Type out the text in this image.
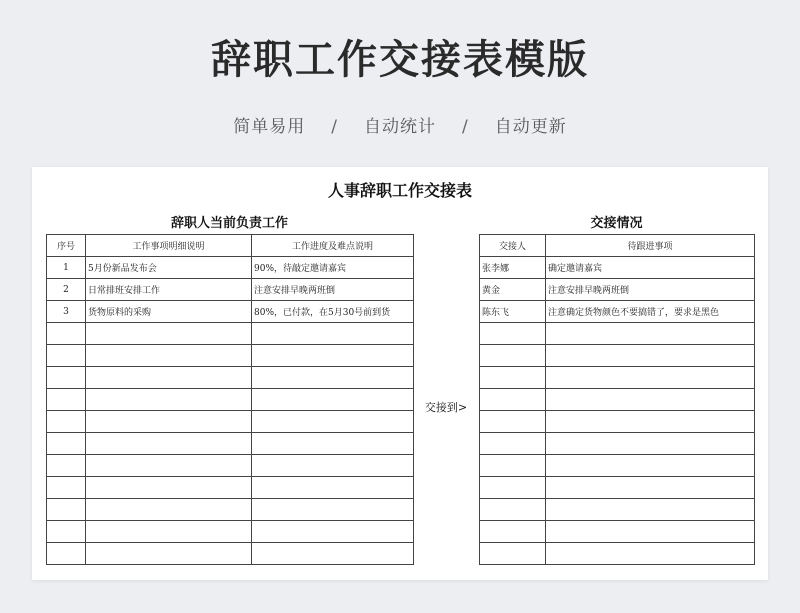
辞职工作交接表模版
简单易用 / 自动统计 / 自动更新
人事辞职工作交接表
辞职人当前负责工作	交接情况
序号	工作事项明细说明	工作进度及难点说明
1	5月份新品发布会	90%，待敲定邀请嘉宾
2	日常排班安排工作	注意安排早晚两班倒
3	货物原料的采购	80%，已付款，在5月30号前到货

交接到>
交接人	待跟进事项
张李娜	确定邀请嘉宾
黄金	注意安排早晚两班倒
陈东飞	注意确定货物颜色不要搞错了，要求是黑色
